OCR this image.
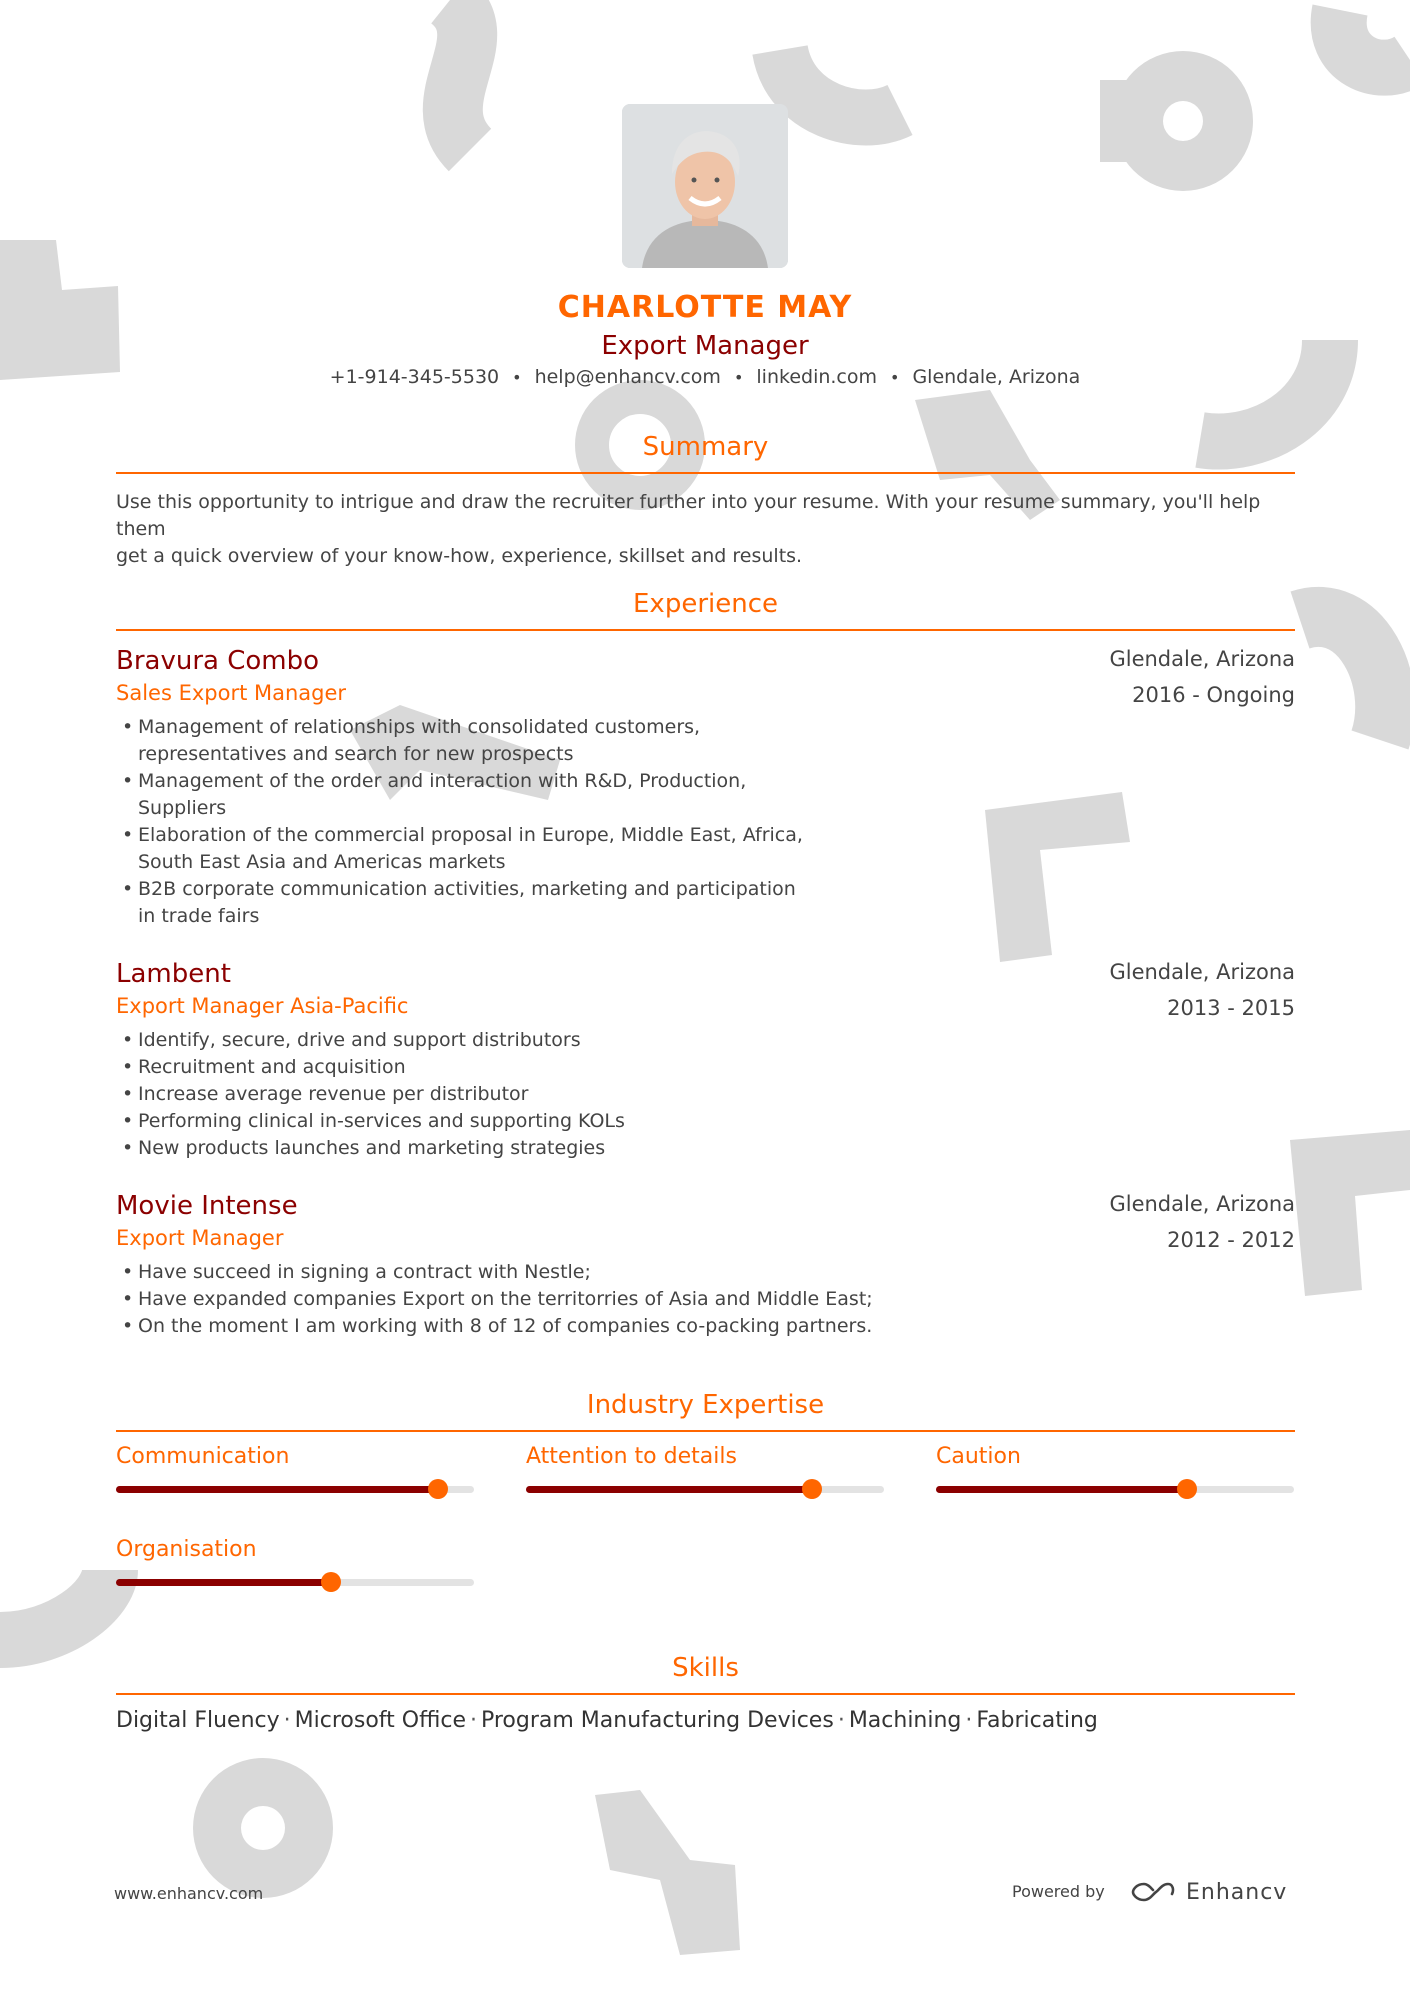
CHARLOTTE MAY
Export Manager
+1-914-345-5530 • help@enhancv.com • linkedin.com • Glendale, Arizona
Summary
Use this opportunity to intrigue and draw the recruiter further into your resume. With your resume summary, you'll help them
get a quick overview of your know-how, experience, skillset and results.
Experience
Bravura Combo
Sales Export Manager
Glendale, Arizona
2016 - Ongoing
• Management of relationships with consolidated customers,
representatives and search for new prospects
• Management of the order and interaction with R&D, Production,
Suppliers
• Elaboration of the commercial proposal in Europe, Middle East, Africa,
South East Asia and Americas markets
• B2B corporate communication activities, marketing and participation
in trade fairs
Lambent
Export Manager Asia-Pacific
Glendale, Arizona
2013 - 2015
• Identify, secure, drive and support distributors
• Recruitment and acquisition
• Increase average revenue per distributor
• Performing clinical in-services and supporting KOLs
• New products launches and marketing strategies
Movie Intense
Export Manager
Glendale, Arizona
2012 - 2012
• Have succeed in signing a contract with Nestle;
• Have expanded companies Export on the territorries of Asia and Middle East;
• On the moment I am working with 8 of 12 of companies co-packing partners.
Industry Expertise
Communication	Attention to details	Caution
Organisation
Skills
Digital Fluency · Microsoft Office · Program Manufacturing Devices · Machining · Fabricating
www.enhancv.com	Powered by	Enhancv
